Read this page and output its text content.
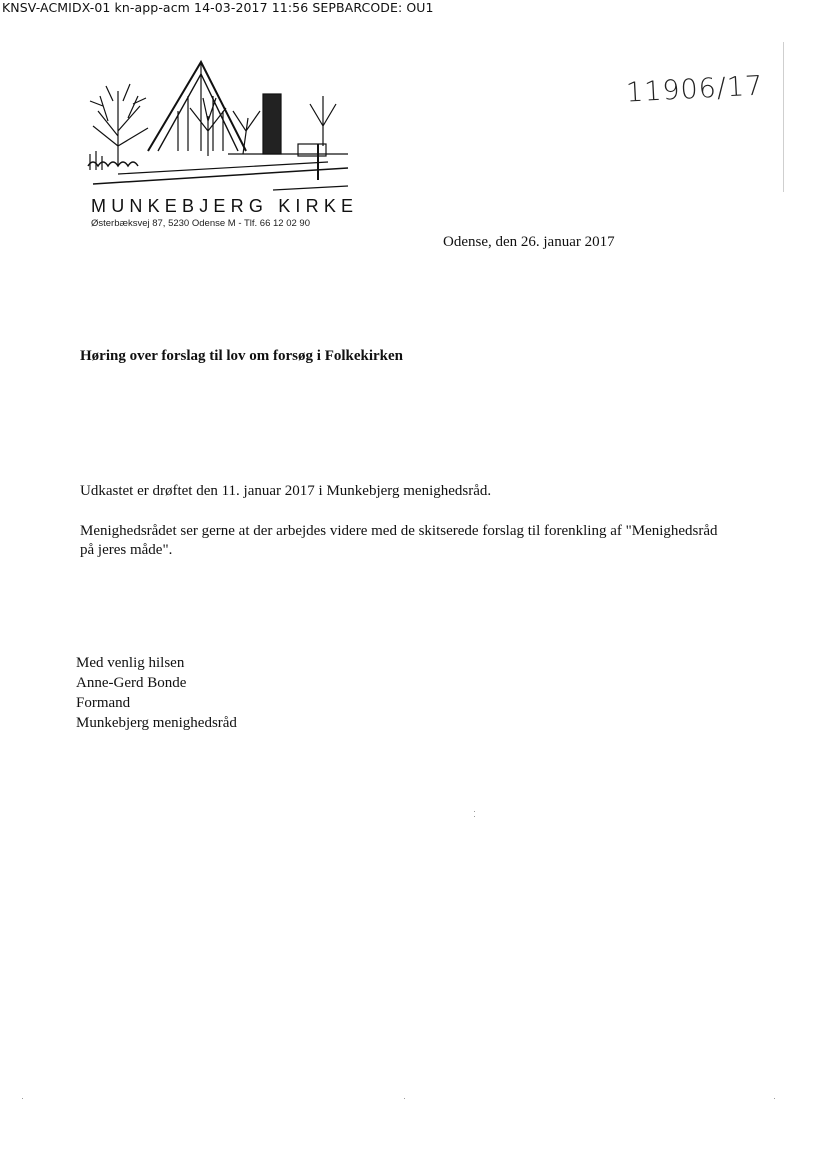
KNSV-ACMIDX-01 kn-app-acm 14-03-2017 11:56 SEPBARCODE: OU1
MUNKEBJERG KIRKE
Østerbæksvej 87, 5230 Odense M - Tlf. 66 12 02 90
11906/17
Odense, den 26. januar 2017
Høring over forslag til lov om forsøg i Folkekirken
Udkastet er drøftet den 11. januar 2017 i Munkebjerg menighedsråd.
Menighedsrådet ser gerne at der arbejdes videre med de skitserede forslag til forenkling af "Menighedsråd på jeres måde".
Med venlig hilsen
Anne-Gerd Bonde
Formand
Munkebjerg menighedsråd
